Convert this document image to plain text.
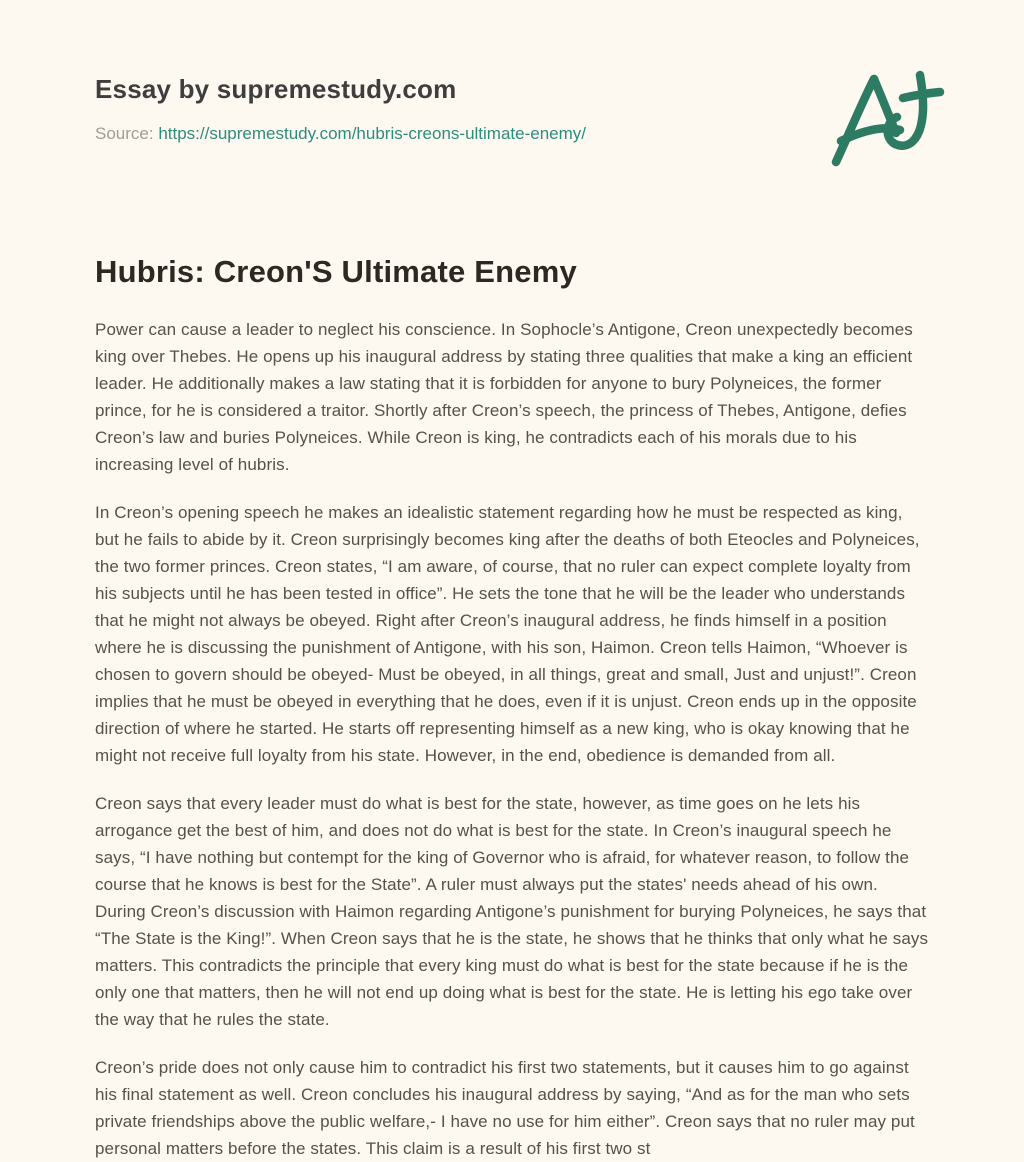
Essay by supremestudy.com
Source: https://supremestudy.com/hubris-creons-ultimate-enemy/
Hubris: Creon'S Ultimate Enemy

Power can cause a leader to neglect his conscience. In Sophocle’s Antigone, Creon unexpectedly becomes king over Thebes. He opens up his inaugural address by stating three qualities that make a king an efficient leader. He additionally makes a law stating that it is forbidden for anyone to bury Polyneices, the former prince, for he is considered a traitor. Shortly after Creon’s speech, the princess of Thebes, Antigone, defies Creon’s law and buries Polyneices. While Creon is king, he contradicts each of his morals due to his increasing level of hubris.

In Creon’s opening speech he makes an idealistic statement regarding how he must be respected as king, but he fails to abide by it. Creon surprisingly becomes king after the deaths of both Eteocles and Polyneices, the two former princes. Creon states, “I am aware, of course, that no ruler can expect complete loyalty from his subjects until he has been tested in office”. He sets the tone that he will be the leader who understands that he might not always be obeyed. Right after Creon’s inaugural address, he finds himself in a position where he is discussing the punishment of Antigone, with his son, Haimon. Creon tells Haimon, “Whoever is chosen to govern should be obeyed- Must be obeyed, in all things, great and small, Just and unjust!”. Creon implies that he must be obeyed in everything that he does, even if it is unjust. Creon ends up in the opposite direction of where he started. He starts off representing himself as a new king, who is okay knowing that he might not receive full loyalty from his state. However, in the end, obedience is demanded from all.

Creon says that every leader must do what is best for the state, however, as time goes on he lets his arrogance get the best of him, and does not do what is best for the state. In Creon’s inaugural speech he says, “I have nothing but contempt for the king of Governor who is afraid, for whatever reason, to follow the course that he knows is best for the State”. A ruler must always put the states' needs ahead of his own. During Creon’s discussion with Haimon regarding Antigone’s punishment for burying Polyneices, he says that “The State is the King!”. When Creon says that he is the state, he shows that he thinks that only what he says matters. This contradicts the principle that every king must do what is best for the state because if he is the only one that matters, then he will not end up doing what is best for the state. He is letting his ego take over the way that he rules the state.

Creon’s pride does not only cause him to contradict his first two statements, but it causes him to go against his final statement as well. Creon concludes his inaugural address by saying, “And as for the man who sets private friendships above the public welfare,- I have no use for him either”. Creon says that no ruler may put personal matters before the states. This claim is a result of his first two st
